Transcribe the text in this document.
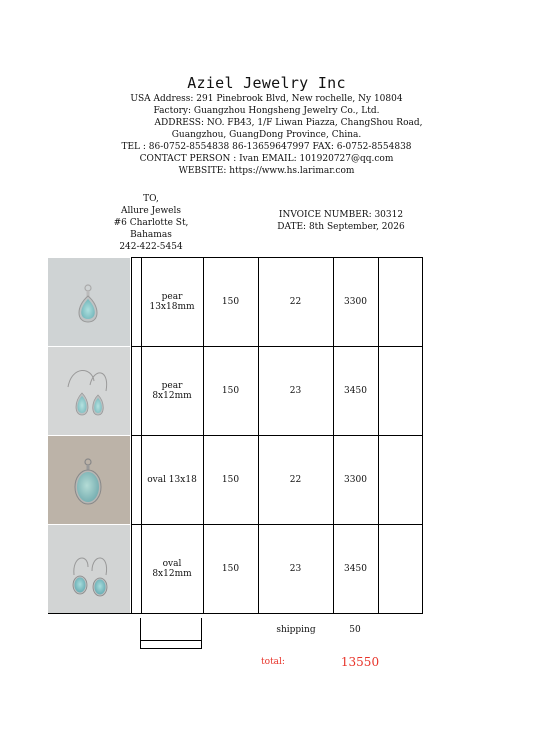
Aziel Jewelry Inc
USA Address: 291 Pinebrook Blvd, New rochelle, Ny 10804
Factory: Guangzhou Hongsheng Jewelry Co., Ltd.
ADDRESS: NO. FB43, 1/F Liwan Piazza, ChangShou Road,
Guangzhou, GuangDong Province, China.
TEL : 86-0752-8554838 86-13659647997 FAX: 6-0752-8554838
CONTACT PERSON : Ivan EMAIL: 101920727@qq.com
WEBSITE: https://www.hs.larimar.com
TO,
Allure Jewels
#6 Charlotte St,
Bahamas
242-422-5454
INVOICE NUMBER: 30312
DATE: 8th September, 2026

pear
13x18mm	150	22	3300	

pear
8x12mm	150	23	3450	

oval 13x18	150	22	3300	

oval
8x12mm	150	23	3450	
shipping	50
total:	13550
